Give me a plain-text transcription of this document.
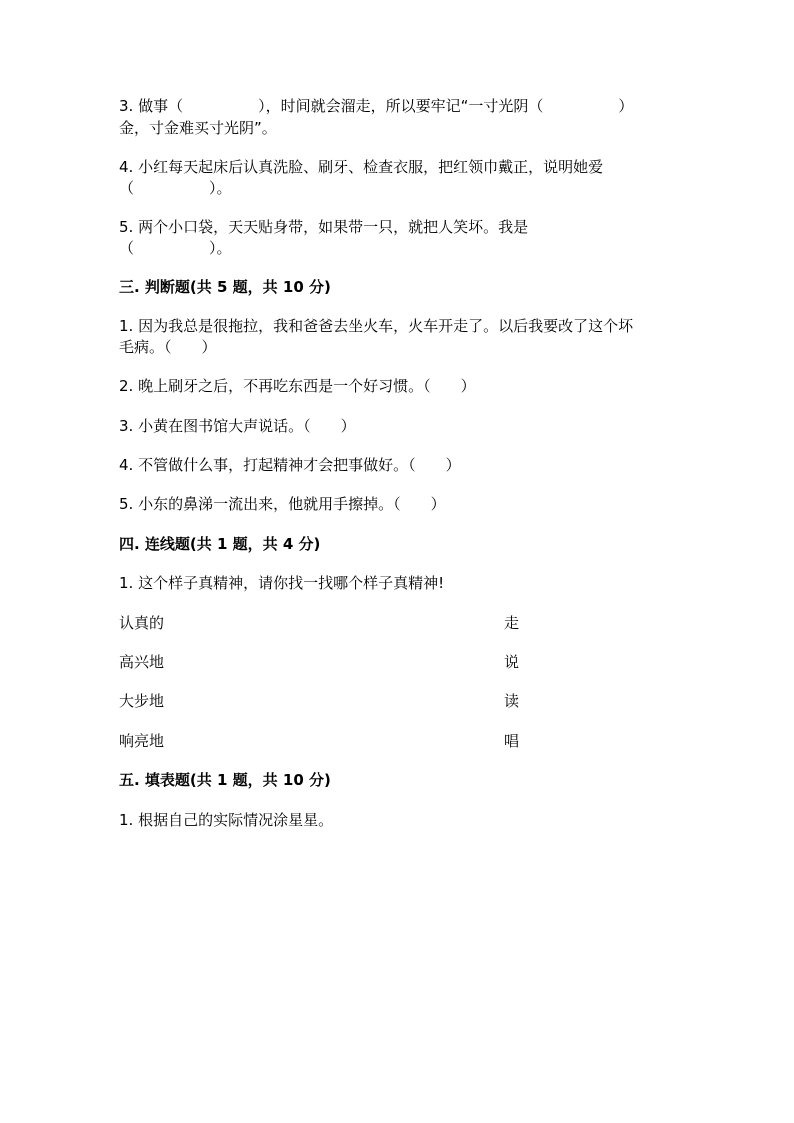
3. 做事（　　　　　），时间就会溜走，所以要牢记“一寸光阴（　　　　　）
金，寸金难买寸光阴”。
4. 小红每天起床后认真洗脸、刷牙、检查衣服，把红领巾戴正，说明她爱
（　　　　　）。
5. 两个小口袋，天天贴身带，如果带一只，就把人笑坏。我是
（　　　　　）。
三. 判断题(共 5 题，共 10 分)
1. 因为我总是很拖拉，我和爸爸去坐火车，火车开走了。以后我要改了这个坏
毛病。（　　）
2. 晚上刷牙之后，不再吃东西是一个好习惯。（　　）
3. 小黄在图书馆大声说话。（　　）
4. 不管做什么事，打起精神才会把事做好。（　　）
5. 小东的鼻涕一流出来，他就用手擦掉。（　　）
四. 连线题(共 1 题，共 4 分)
1. 这个样子真精神，请你找一找哪个样子真精神!
认真的	走
高兴地	说
大步地	读
响亮地	唱
五. 填表题(共 1 题，共 10 分)
1. 根据自己的实际情况涂星星。
